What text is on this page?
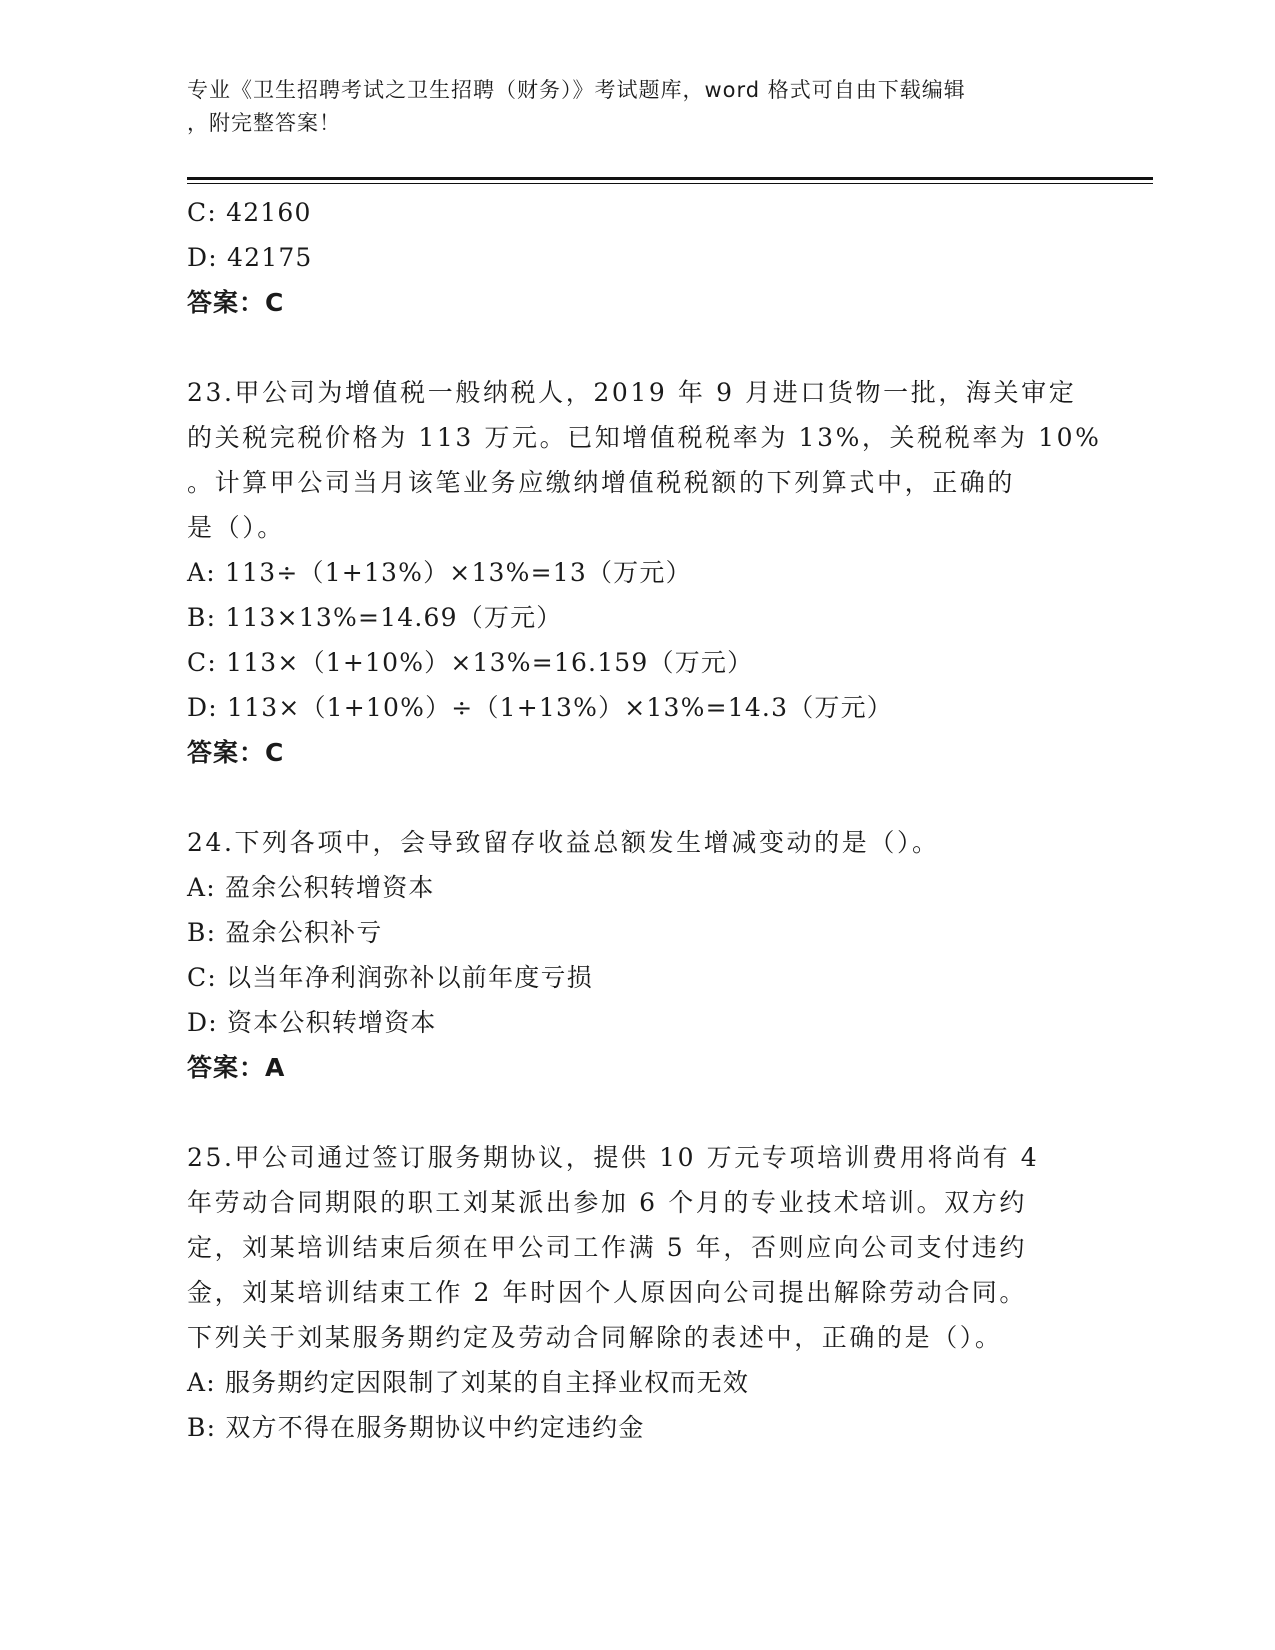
专业《卫生招聘考试之卫生招聘（财务）》考试题库，word 格式可自由下载编辑
，附完整答案！
C: 42160
D: 42175
答案：C
23.甲公司为增值税一般纳税人，2019 年 9 月进口货物一批，海关审定
的关税完税价格为 113 万元。已知增值税税率为 13%，关税税率为 10%
。计算甲公司当月该笔业务应缴纳增值税税额的下列算式中，正确的
是（）。
A: 113÷（1+13%）×13%=13（万元）
B: 113×13%=14.69（万元）
C: 113×（1+10%）×13%=16.159（万元）
D: 113×（1+10%）÷（1+13%）×13%=14.3（万元）
答案：C
24.下列各项中，会导致留存收益总额发生增减变动的是（）。
A: 盈余公积转增资本
B: 盈余公积补亏
C: 以当年净利润弥补以前年度亏损
D: 资本公积转增资本
答案：A
25.甲公司通过签订服务期协议，提供 10 万元专项培训费用将尚有 4
年劳动合同期限的职工刘某派出参加 6 个月的专业技术培训。双方约
定，刘某培训结束后须在甲公司工作满 5 年，否则应向公司支付违约
金，刘某培训结束工作 2 年时因个人原因向公司提出解除劳动合同。
下列关于刘某服务期约定及劳动合同解除的表述中，正确的是（）。
A: 服务期约定因限制了刘某的自主择业权而无效
B: 双方不得在服务期协议中约定违约金
